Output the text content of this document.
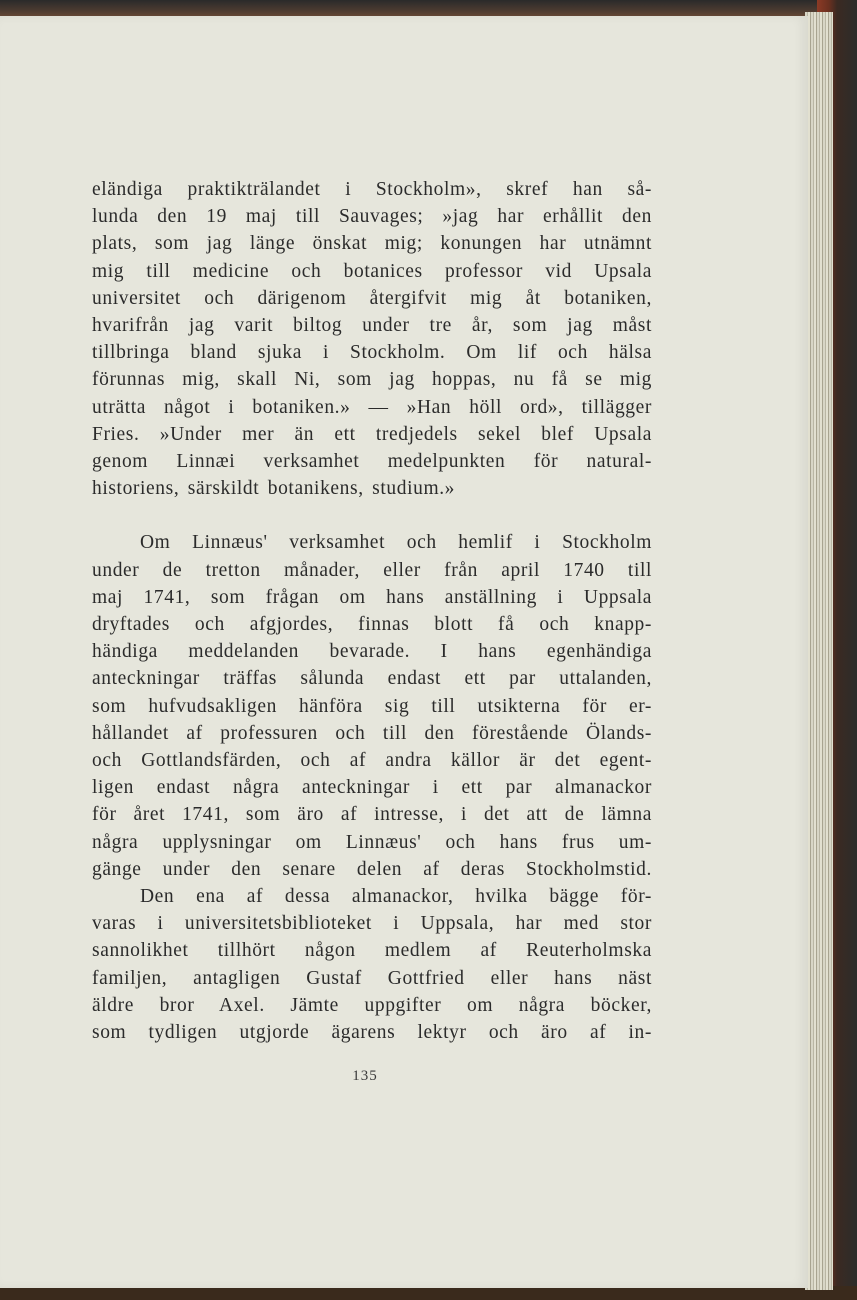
eländiga praktikträlandet i Stockholm», skref han så-
lunda den 19 maj till Sauvages; »jag har erhållit den
plats, som jag länge önskat mig; konungen har utnämnt
mig till medicine och botanices professor vid Upsala
universitet och därigenom återgifvit mig åt botaniken,
hvarifrån jag varit biltog under tre år, som jag måst
tillbringa bland sjuka i Stockholm. Om lif och hälsa
förunnas mig, skall Ni, som jag hoppas, nu få se mig
uträtta något i botaniken.» — »Han höll ord», tillägger
Fries. »Under mer än ett tredjedels sekel blef Upsala
genom Linnæi verksamhet medelpunkten för natural-
historiens, särskildt botanikens, studium.»
Om Linnæus' verksamhet och hemlif i Stockholm
under de tretton månader, eller från april 1740 till
maj 1741, som frågan om hans anställning i Uppsala
dryftades och afgjordes, finnas blott få och knapp-
händiga meddelanden bevarade. I hans egenhändiga
anteckningar träffas sålunda endast ett par uttalanden,
som hufvudsakligen hänföra sig till utsikterna för er-
hållandet af professuren och till den förestående Ölands-
och Gottlandsfärden, och af andra källor är det egent-
ligen endast några anteckningar i ett par almanackor
för året 1741, som äro af intresse, i det att de lämna
några upplysningar om Linnæus' och hans frus um-
gänge under den senare delen af deras Stockholmstid.
Den ena af dessa almanackor, hvilka bägge för-
varas i universitetsbiblioteket i Uppsala, har med stor
sannolikhet tillhört någon medlem af Reuterholmska
familjen, antagligen Gustaf Gottfried eller hans näst
äldre bror Axel. Jämte uppgifter om några böcker,
som tydligen utgjorde ägarens lektyr och äro af in-
135
